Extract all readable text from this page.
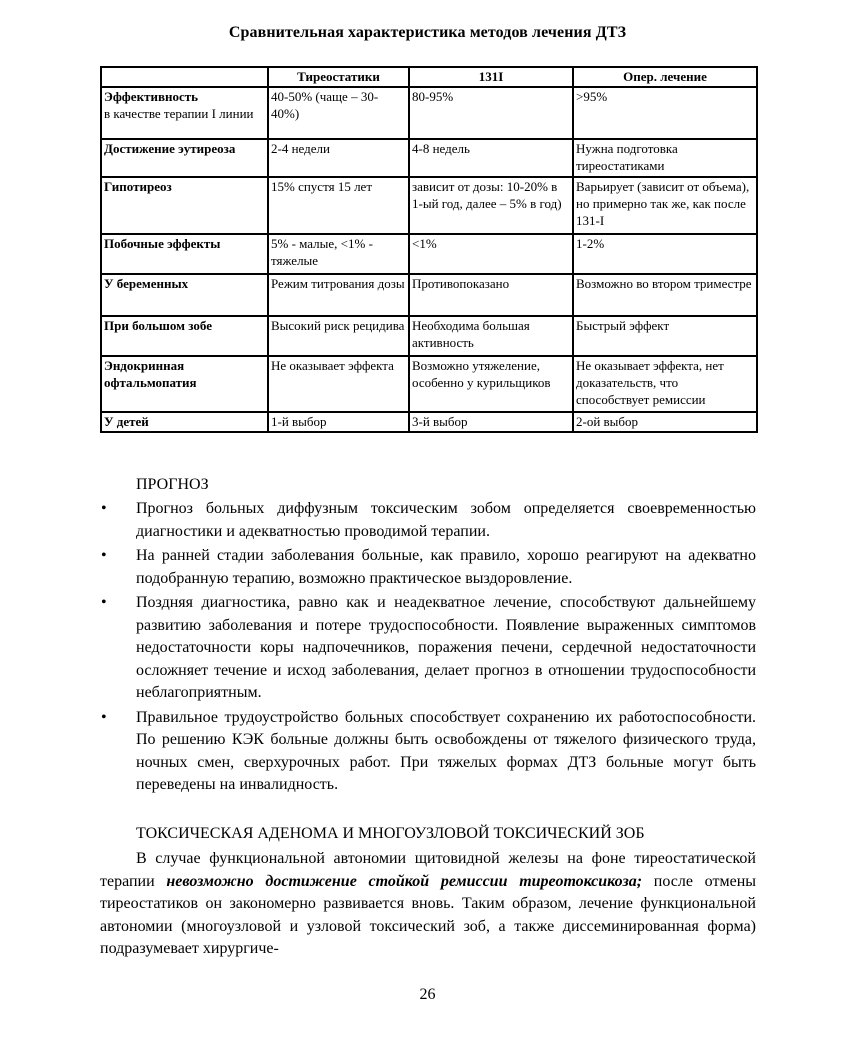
Сравнительная характеристика методов лечения ДТЗ
	Тиреостатики	131I	Опер. лечение
Эффективность
в качестве терапии I линии	40-50% (чаще – 30-40%)	80-95%	>95%
Достижение эутиреоза	2-4 недели	4-8 недель	Нужна подготовка тиреостатиками
Гипотиреоз	15% спустя 15 лет	зависит от дозы: 10-20% в 1-ый год, далее – 5% в год)	Варьирует (зависит от объема), но примерно так же, как после 131-I
Побочные эффекты	5% - малые, <1% - тяжелые	<1%	1-2%
У беременных	Режим титрования дозы	Противопоказано	Возможно во втором триместре
При большом зобе	Высокий риск рецидива	Необходима большая активность	Быстрый эффект
Эндокринная офтальмопатия	Не оказывает эффекта	Возможно утяжеление, особенно у курильщиков	Не оказывает эффекта, нет доказательств, что способствует ремиссии
У детей	1-й выбор	3-й выбор	2-ой выбор
ПРОГНОЗ
• Прогноз больных диффузным токсическим зобом определяется своевременностью диагностики и адекватностью проводимой терапии.
• На ранней стадии заболевания больные, как правило, хорошо реагируют на адекватно подобранную терапию, возможно практическое выздоровление.
• Поздняя диагностика, равно как и неадекватное лечение, способствуют дальнейшему развитию заболевания и потере трудоспособности. Появление выраженных симптомов недостаточности коры надпочечников, поражения печени, сердечной недостаточности осложняет течение и исход заболевания, делает прогноз в отношении трудоспособности неблагоприятным.
• Правильное трудоустройство больных способствует сохранению их работоспособности. По решению КЭК больные должны быть освобождены от тяжелого физического труда, ночных смен, сверхурочных работ. При тяжелых формах ДТЗ больные могут быть переведены на инвалидность.
ТОКСИЧЕСКАЯ АДЕНОМА И МНОГОУЗЛОВОЙ ТОКСИЧЕСКИЙ ЗОБ

В случае функциональной автономии щитовидной железы на фоне тиреостатической терапии невозможно достижение стойкой ремиссии тиреотоксикоза; после отмены тиреостатиков он закономерно развивается вновь. Таким образом, лечение функциональной автономии (многоузловой и узловой токсический зоб, а также диссеминированная форма) подразумевает хирургиче-

26
